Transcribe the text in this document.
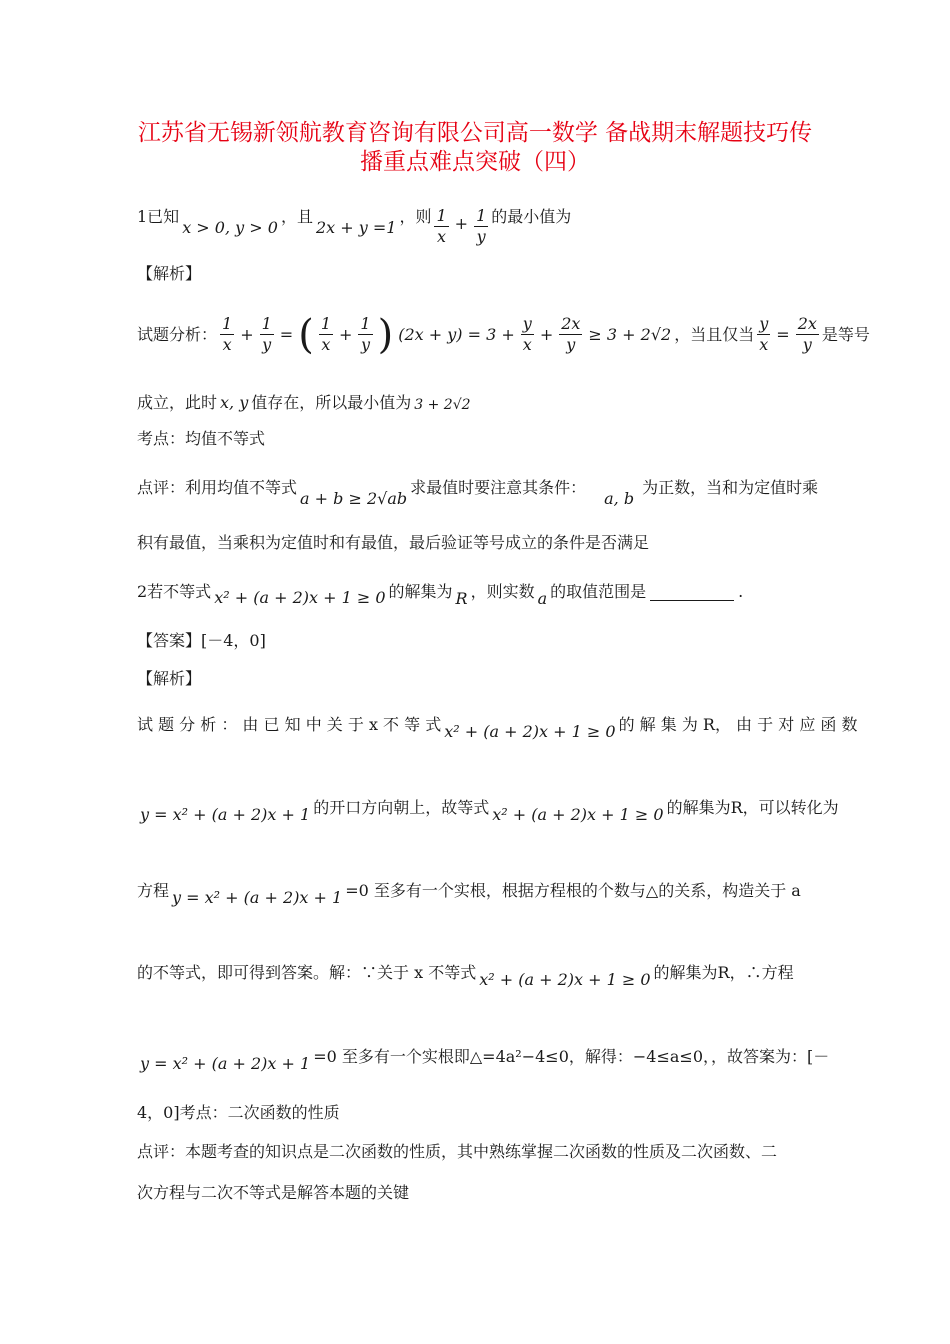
江苏省无锡新领航教育咨询有限公司高一数学 备战期末解题技巧传
播重点难点突破（四）
1已知
x > 0, y > 0
，且
2x + y =1
，则 $\frac{1}{x} + \frac{1}{y}$ 的最小值为
【解析】
试题分析： $\frac{1}{x} + \frac{1}{y}$ = ( $\frac{1}{x} + \frac{1}{y}$ ) $(2x + y) = 3 + \frac{y}{x} + \frac{2x}{y} \ge 3 + 2√2$ ，当且仅当 $\frac{y}{x} = \frac{2x}{y}$ 是等号
成立，此时 x, y 值存在，所以最小值为 3 + 2√2
考点：均值不等式
点评：利用均值不等式
a + b ≥ 2√ab
求最值时要注意其条件：
a, b
为正数，当和为定值时乘
积有最值，当乘积为定值时和有最值，最后验证等号成立的条件是否满足
2若不等式 x² + (a + 2)x + 1 ≥ 0 的解集为 R ，则实数 a 的取值范围是	.
【答案】[－4，0]
【解析】
试 题 分 析 ： 由 已 知 中 关 于 x 不 等 式 x² + (a + 2)x + 1 ≥ 0 的 解 集 为 R， 由 于 对 应 函 数
y = x² + (a + 2)x + 1 的开口方向朝上，故等式 x² + (a + 2)x + 1 ≥ 0 的解集为R，可以转化为
方程 y = x² + (a + 2)x + 1 =0 至多有一个实根，根据方程根的个数与△的关系，构造关于 a
的不等式，即可得到答案。解：∵关于 x 不等式 x² + (a + 2)x + 1 ≥ 0 的解集为R，∴方程
y = x² + (a + 2)x + 1 =0 至多有一个实根即△=4a²−4≤0，解得：−4≤a≤0，，故答案为：[－
4，0]考点：二次函数的性质
点评：本题考查的知识点是二次函数的性质，其中熟练掌握二次函数的性质及二次函数、二
次方程与二次不等式是解答本题的关键
